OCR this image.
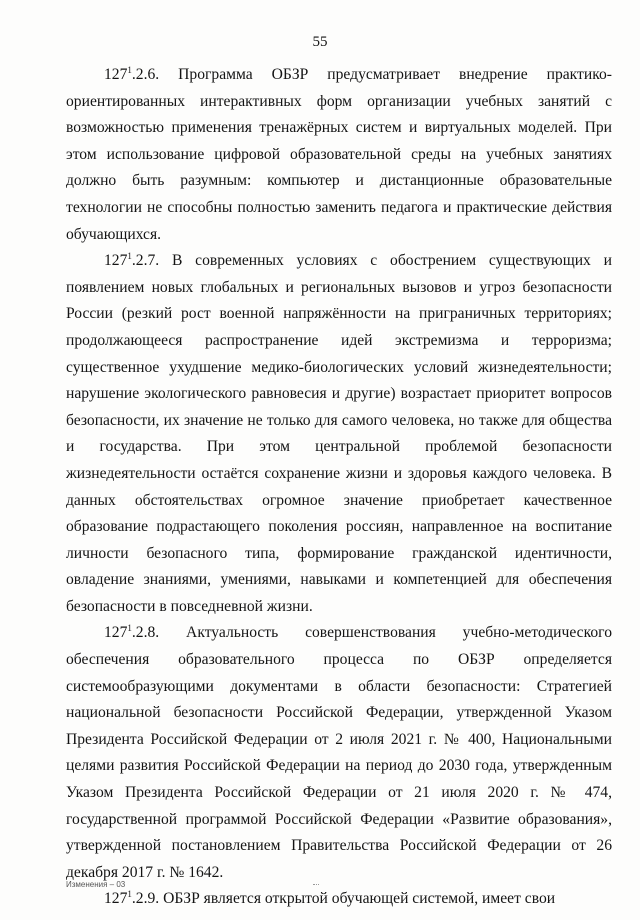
55

$127^1.2.6$. Программа ОБЗР предусматривает внедрение практико-ориентированных интерактивных форм организации учебных занятий с возможностью применения тренажёрных систем и виртуальных моделей. При этом использование цифровой образовательной среды на учебных занятиях должно быть разумным: компьютер и дистанционные образовательные технологии не способны полностью заменить педагога и практические действия обучающихся.

$127^1.2.7$. В современных условиях с обострением существующих и появлением новых глобальных и региональных вызовов и угроз безопасности России (резкий рост военной напряжённости на приграничных территориях; продолжающееся распространение идей экстремизма и терроризма; существенное ухудшение медико-биологических условий жизнедеятельности; нарушение экологического равновесия и другие) возрастает приоритет вопросов безопасности, их значение не только для самого человека, но также для общества и государства. При этом центральной проблемой безопасности жизнедеятельности остаётся сохранение жизни и здоровья каждого человека. В данных обстоятельствах огромное значение приобретает качественное образование подрастающего поколения россиян, направленное на воспитание личности безопасного типа, формирование гражданской идентичности, овладение знаниями, умениями, навыками и компетенцией для обеспечения безопасности в повседневной жизни.

$127^1.2.8$. Актуальность совершенствования учебно-методического обеспечения образовательного процесса по ОБЗР определяется системообразующими документами в области безопасности: Стратегией национальной безопасности Российской Федерации, утвержденной Указом Президента Российской Федерации от 2 июля 2021 г. № 400, Национальными целями развития Российской Федерации на период до 2030 года, утвержденным Указом Президента Российской Федерации от 21 июля 2020 г. № 474, государственной программой Российской Федерации «Развитие образования», утвержденной постановлением Правительства Российской Федерации от 26 декабря 2017 г. № 1642.

$127^1.2.9$. ОБЗР является открытой обучающей системой, имеет свои

Изменения – 03
